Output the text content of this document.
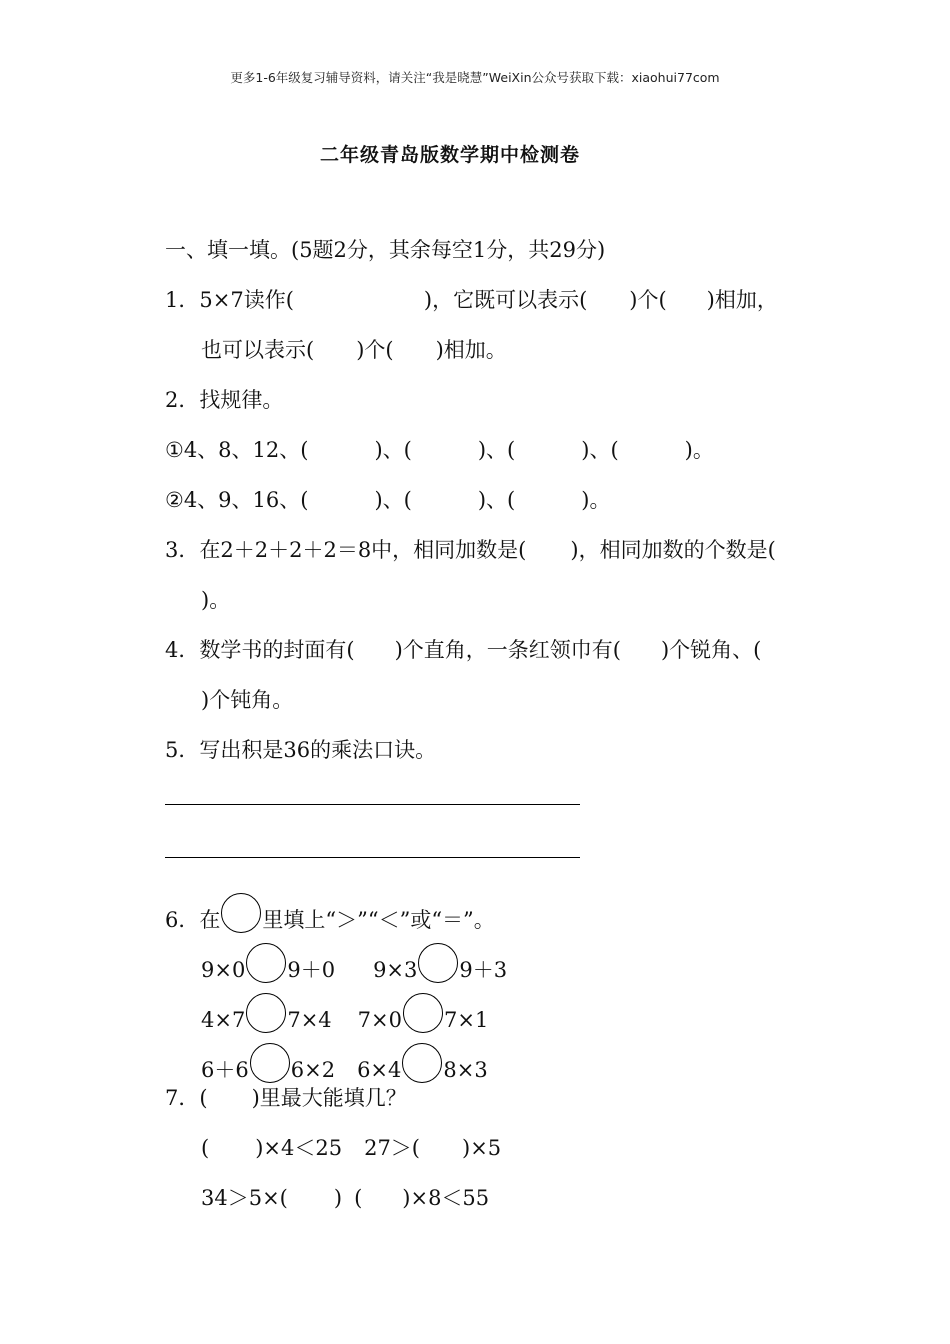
更多1-6年级复习辅导资料，请关注“我是晓慧”WeiXin公众号获取下载：xiaohui77com
二年级青岛版数学期中检测卷
一、填一填。(5题2分，其余每空1分，共29分)
1．5×7读作(	)，它既可以表示( )个( )相加，
也可以表示( )个( )相加。
2．找规律。
①4、8、12、(	)、(	)、(	)、(	)。
②4、9、16、(	)、(	)、(	)。
3．在2＋2＋2＋2＝8中，相同加数是( )，相同加数的个数是(
)。
4．数学书的封面有( )个直角，一条红领巾有( )个锐角、(
)个钝角。
5．写出积是36的乘法口诀。
6．在 里填上“＞”“＜”或“＝”。
9×0 9＋0 9×3 9＋3
4×7 7×4 7×0 7×1
6＋6 6×2 6×4 8×3
7．( )里最大能填几？
( )×4＜25 27＞( )×5
34＞5×( ) ( )×8＜55
